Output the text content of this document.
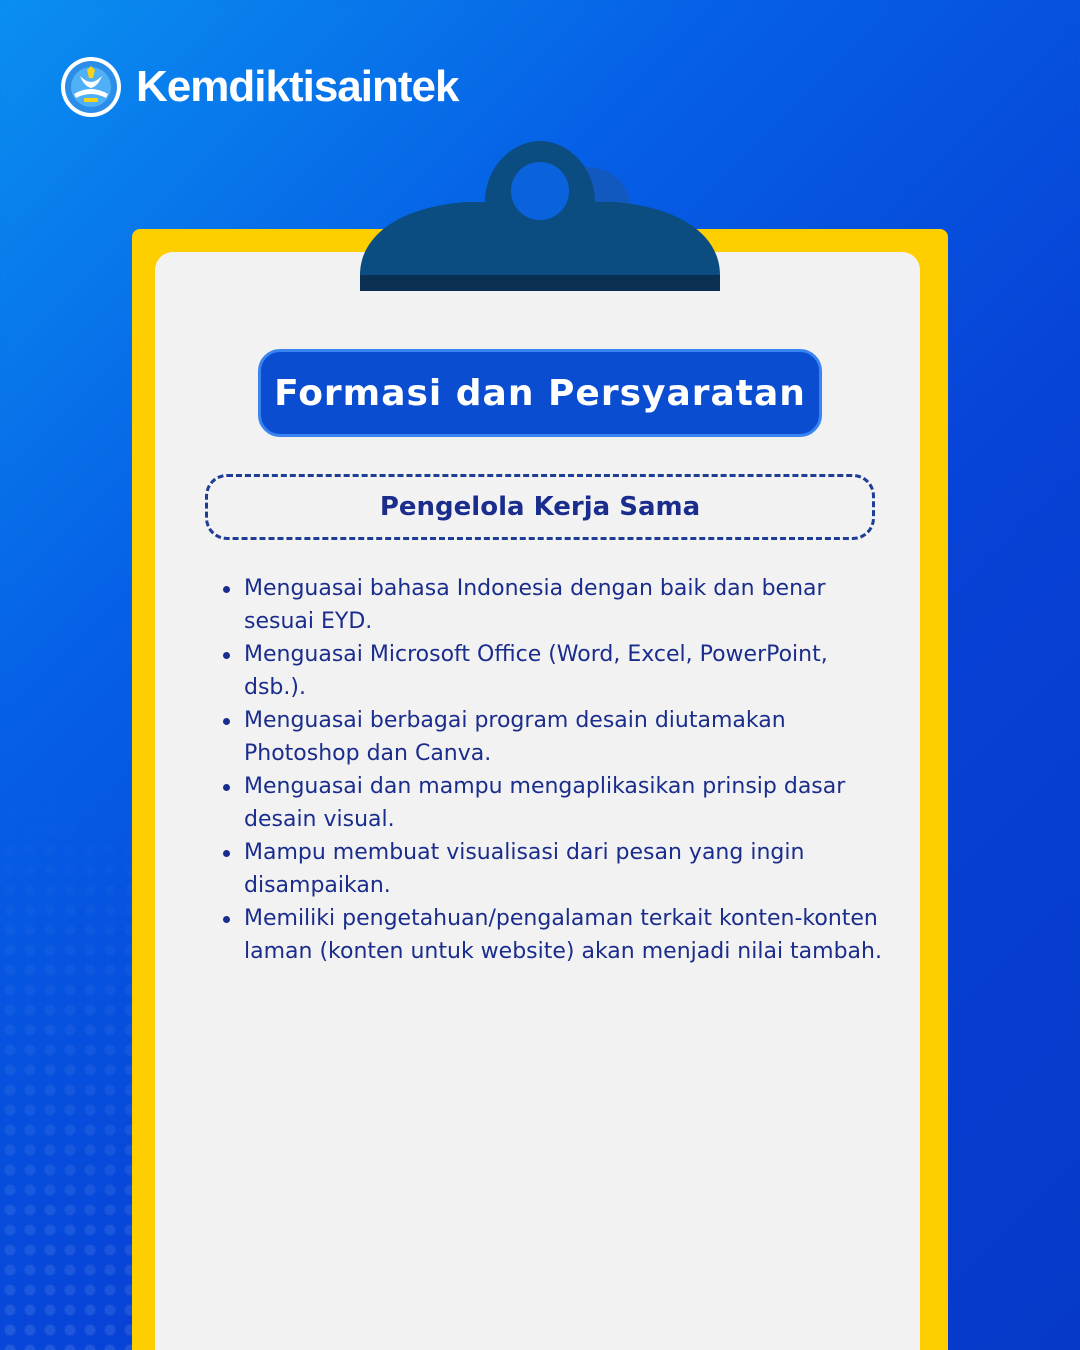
Kemdiktisaintek
Formasi dan Persyaratan
Pengelola Kerja Sama
Menguasai bahasa Indonesia dengan baik dan benar sesuai EYD.
Menguasai Microsoft Office (Word, Excel, PowerPoint, dsb.).
Menguasai berbagai program desain diutamakan Photoshop dan Canva.
Menguasai dan mampu mengaplikasikan prinsip dasar desain visual.
Mampu membuat visualisasi dari pesan yang ingin disampaikan.
Memiliki pengetahuan/pengalaman terkait konten-konten laman (konten untuk website) akan menjadi nilai tambah.
